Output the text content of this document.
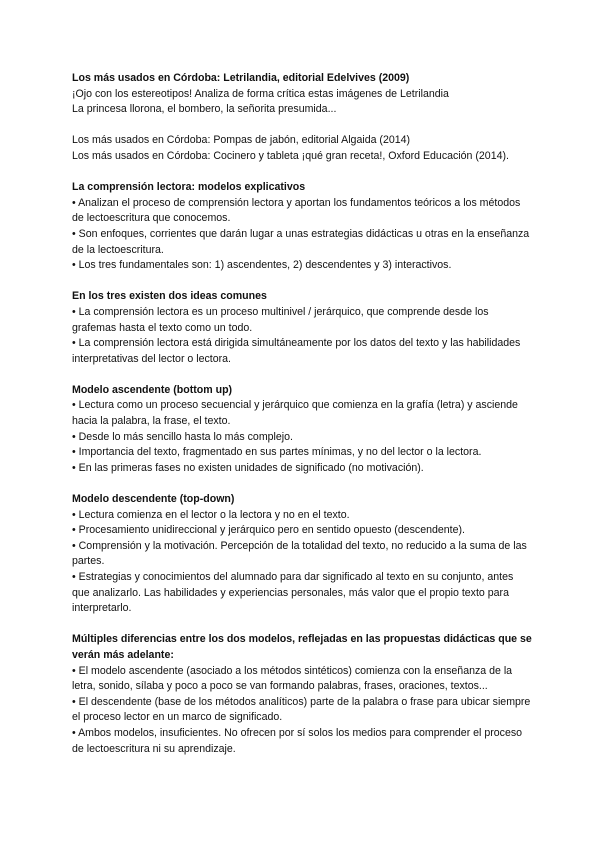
Los más usados en Córdoba: Letrilandia, editorial Edelvives (2009)

¡Ojo con los estereotipos! Analiza de forma crítica estas imágenes de Letrilandia

La princesa llorona, el bombero, la señorita presumida...

Los más usados en Córdoba: Pompas de jabón, editorial Algaida (2014)

Los más usados en Córdoba: Cocinero y tableta ¡qué gran receta!, Oxford Educación (2014).

La comprensión lectora: modelos explicativos

• Analizan el proceso de comprensión lectora y aportan los fundamentos teóricos a los métodos de lectoescritura que conocemos.

• Son enfoques, corrientes que darán lugar a unas estrategias didácticas u otras en la enseñanza de la lectoescritura.

• Los tres fundamentales son: 1) ascendentes, 2) descendentes y 3) interactivos.

En los tres existen dos ideas comunes

• La comprensión lectora es un proceso multinivel / jerárquico, que comprende desde los grafemas hasta el texto como un todo.

• La comprensión lectora está dirigida simultáneamente por los datos del texto y las habilidades interpretativas del lector o lectora.

Modelo ascendente (bottom up)

• Lectura como un proceso secuencial y jerárquico que comienza en la grafía (letra) y asciende hacia la palabra, la frase, el texto.

• Desde lo más sencillo hasta lo más complejo.

• Importancia del texto, fragmentado en sus partes mínimas, y no del lector o la lectora.

• En las primeras fases no existen unidades de significado (no motivación).

Modelo descendente (top-down)

• Lectura comienza en el lector o la lectora y no en el texto.

• Procesamiento unidireccional y jerárquico pero en sentido opuesto (descendente).

• Comprensión y la motivación. Percepción de la totalidad del texto, no reducido a la suma de las partes.

• Estrategias y conocimientos del alumnado para dar significado al texto en su conjunto, antes que analizarlo. Las habilidades y experiencias personales, más valor que el propio texto para interpretarlo.

Múltiples diferencias entre los dos modelos, reflejadas en las propuestas didácticas que se verán más adelante:

• El modelo ascendente (asociado a los métodos sintéticos) comienza con la enseñanza de la letra, sonido, sílaba y poco a poco se van formando palabras, frases, oraciones, textos...

• El descendente (base de los métodos analíticos) parte de la palabra o frase para ubicar siempre el proceso lector en un marco de significado.

• Ambos modelos, insuficientes. No ofrecen por sí solos los medios para comprender el proceso de lectoescritura ni su aprendizaje.
